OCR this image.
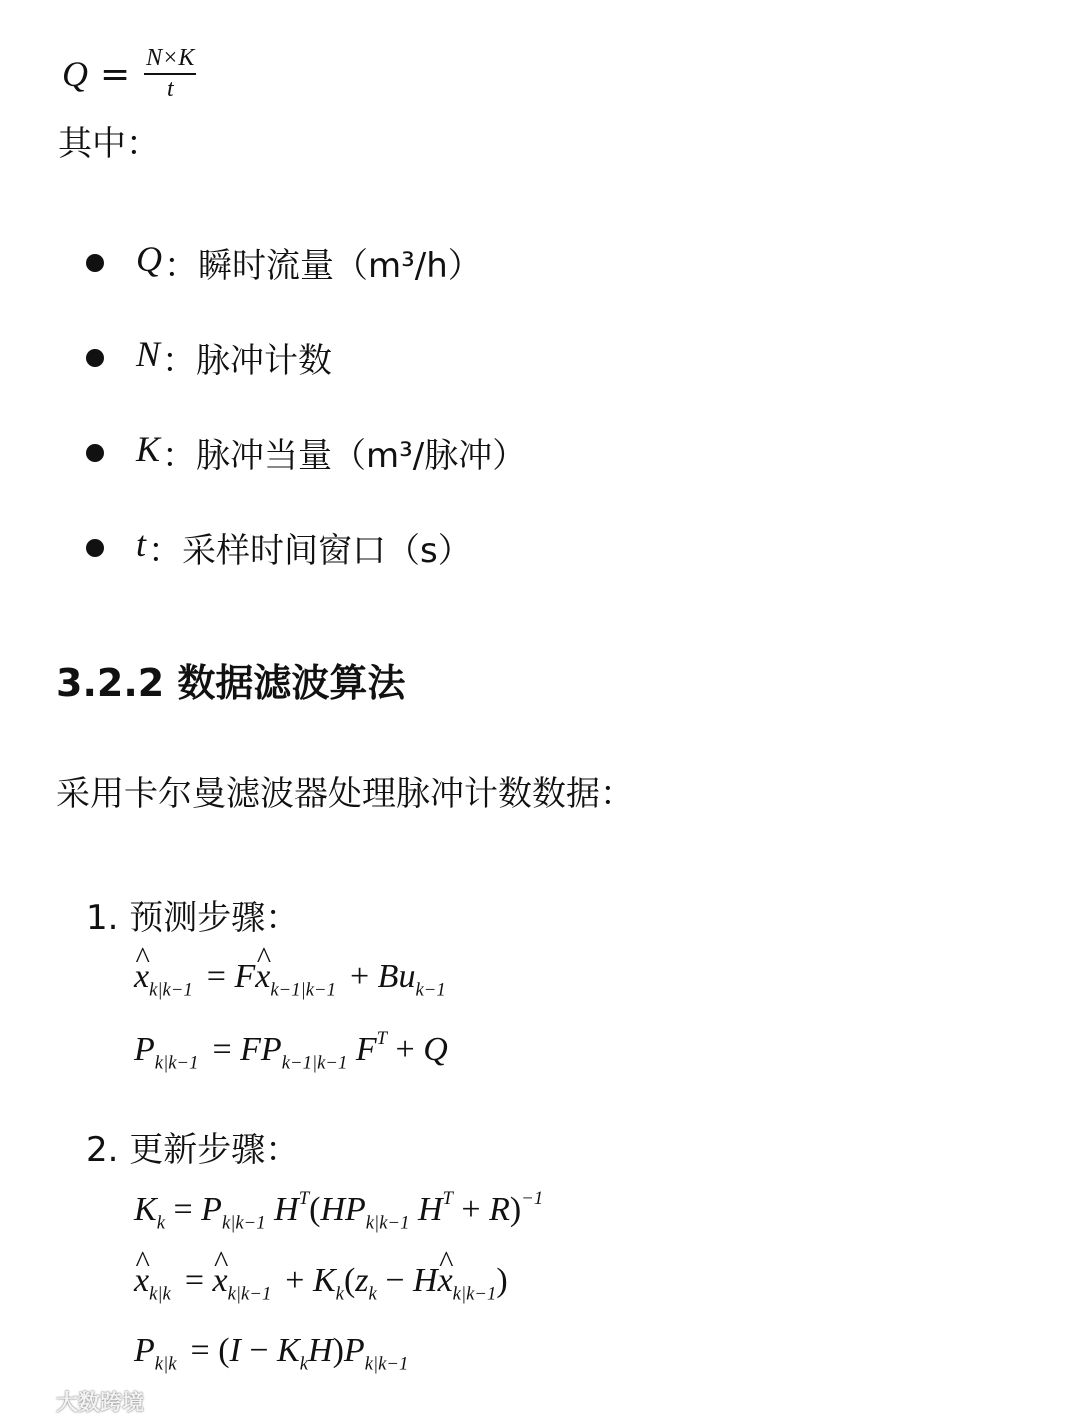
$Q = \frac{N\times K}{t}$
其中：
Q ： 瞬时流量（m³/h）
N ： 脉冲计数
K ： 脉冲当量（m³/脉冲）
t ： 采样时间窗口（s）
3.2.2 数据滤波算法
采用卡尔曼滤波器处理脉冲计数数据：
1. 预测步骤：
^ $x_{k|k-1}$ = F^ $x_{k-1|k-1} + Bu_{k-1}$
$P_{k|k-1} = FP_{k-1|k-1}$ $F^T + Q$
2. 更新步骤：
$K_k = P_{k|k-1}$ $H^T(HP_{k|k-1}$ $H^T + R)^{-1}$
^ $x_{k|k}$ = ^ $x_{k|k-1} + K_k(z_k$ − H^ $x_{k|k-1}$)
$P_{k|k} = (I - K_kH)P_{k|k-1}$
大数跨境
